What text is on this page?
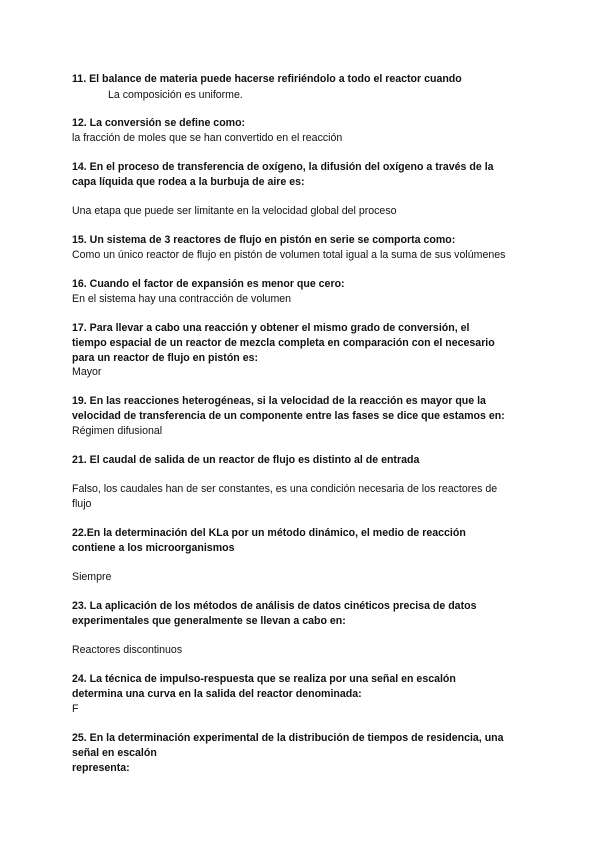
11. El balance de materia puede hacerse refiriéndolo a todo el reactor cuando
La composición es uniforme.
12. La conversión se define como:
la fracción de moles que se han convertido en el reacción
14. En el proceso de transferencia de oxígeno, la difusión del oxígeno a través de la
capa líquida que rodea a la burbuja de aire es:
Una etapa que puede ser limitante en la velocidad global del proceso
15. Un sistema de 3 reactores de flujo en pistón en serie se comporta como:
Como un único reactor de flujo en pistón de volumen total igual a la suma de sus volúmenes
16. Cuando el factor de expansión es menor que cero:
En el sistema hay una contracción de volumen
17. Para llevar a cabo una reacción y obtener el mismo grado de conversión, el
tiempo espacial de un reactor de mezcla completa en comparación con el necesario
para un reactor de flujo en pistón es:
Mayor
19. En las reacciones heterogéneas, si la velocidad de la reacción es mayor que la
velocidad de transferencia de un componente entre las fases se dice que estamos en:
Régimen difusional
21. El caudal de salida de un reactor de flujo es distinto al de entrada
Falso, los caudales han de ser constantes, es una condición necesaria de los reactores de
flujo
22.En la determinación del KLa por un método dinámico, el medio de reacción
contiene a los microorganismos
Siempre
23. La aplicación de los métodos de análisis de datos cinéticos precisa de datos
experimentales que generalmente se llevan a cabo en:
Reactores discontinuos
24. La técnica de impulso-respuesta que se realiza por una señal en escalón
determina una curva en la salida del reactor denominada:
F
25. En la determinación experimental de la distribución de tiempos de residencia, una
señal en escalón
representa:
